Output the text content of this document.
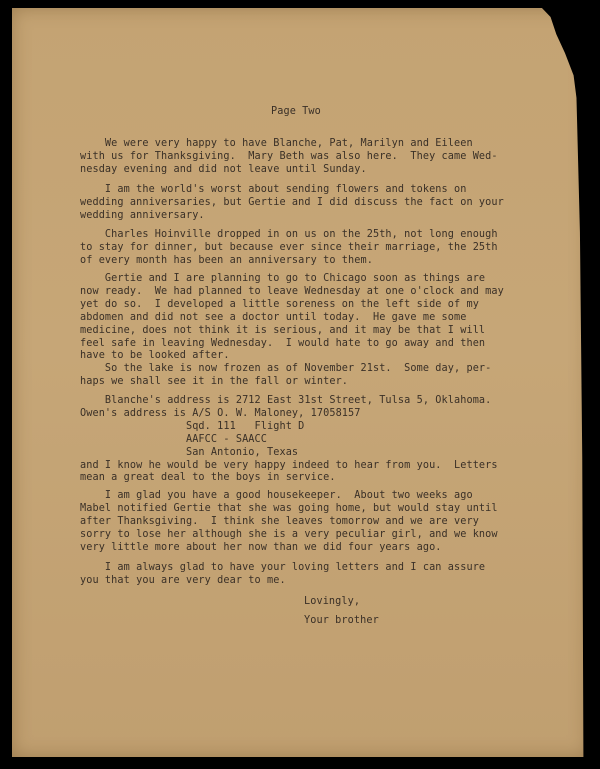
Page Two
We were very happy to have Blanche, Pat, Marilyn and Eileen
with us for Thanksgiving.  Mary Beth was also here.  They came Wed-
nesday evening and did not leave until Sunday.
I am the world's worst about sending flowers and tokens on
wedding anniversaries, but Gertie and I did discuss the fact on your
wedding anniversary.
Charles Hoinville dropped in on us on the 25th, not long enough
to stay for dinner, but because ever since their marriage, the 25th
of every month has been an anniversary to them.
Gertie and I are planning to go to Chicago soon as things are
now ready.  We had planned to leave Wednesday at one o'clock and may
yet do so.  I developed a little soreness on the left side of my
abdomen and did not see a doctor until today.  He gave me some
medicine, does not think it is serious, and it may be that I will
feel safe in leaving Wednesday.  I would hate to go away and then
have to be looked after.
So the lake is now frozen as of November 21st.  Some day, per-
haps we shall see it in the fall or winter.
Blanche's address is 2712 East 31st Street, Tulsa 5, Oklahoma.
Owen's address is A/S O. W. Maloney, 17058157
Sqd. 111   Flight D
AAFCC - SAACC
San Antonio, Texas
and I know he would be very happy indeed to hear from you.  Letters
mean a great deal to the boys in service.
I am glad you have a good housekeeper.  About two weeks ago
Mabel notified Gertie that she was going home, but would stay until
after Thanksgiving.  I think she leaves tomorrow and we are very
sorry to lose her although she is a very peculiar girl, and we know
very little more about her now than we did four years ago.
I am always glad to have your loving letters and I can assure
you that you are very dear to me.
Lovingly,
Your brother
